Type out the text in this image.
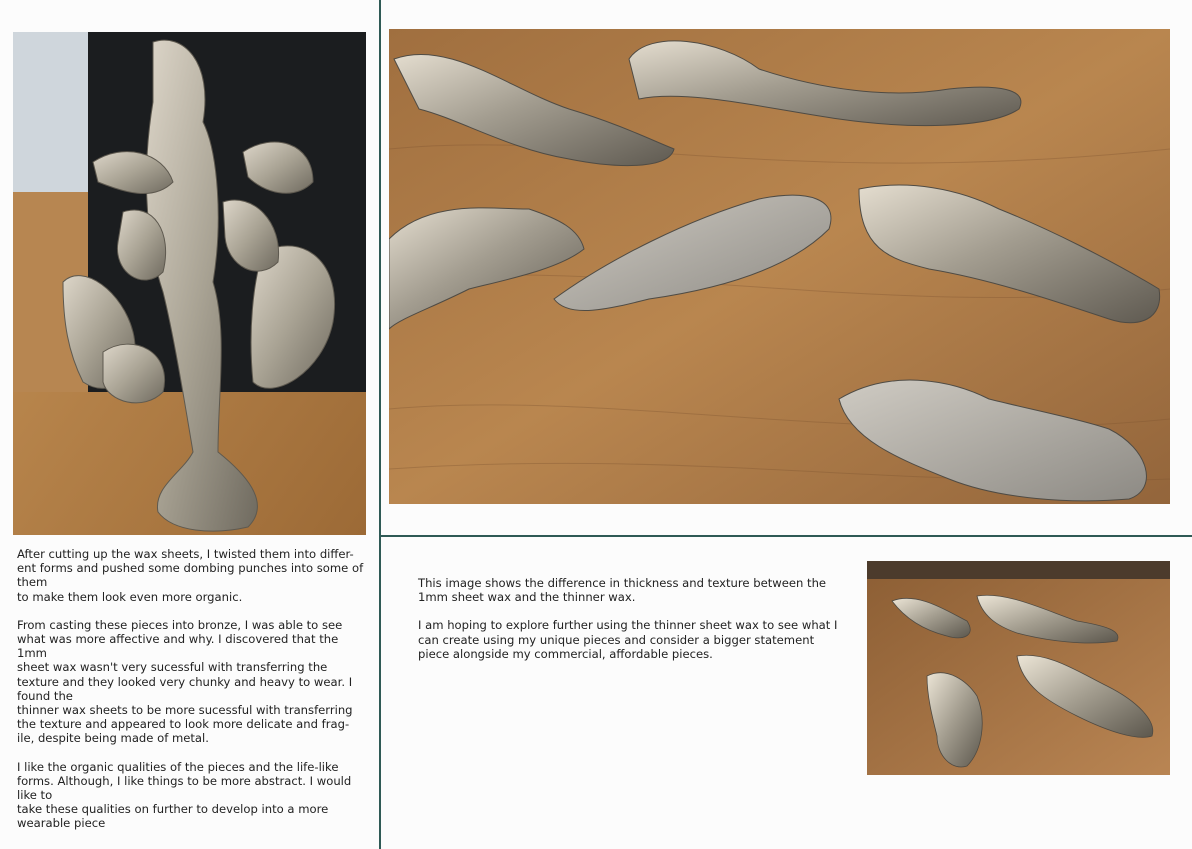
After cutting up the wax sheets, I twisted them into differ-
ent forms and pushed some dombing punches into some of them
to make them look even more organic.

From casting these pieces into bronze, I was able to see what was more affective and why. I discovered that the 1mm
sheet wax wasn't very sucessful with transferring the texture and they looked very chunky and heavy to wear. I found the
thinner wax sheets to be more sucessful with transferring the texture and appeared to look more delicate and frag-
ile, despite being made of metal.

I like the organic qualities of the pieces and the life-like forms. Although, I like things to be more abstract. I would like to
take these qualities on further to develop into a more wearable piece

This image shows the difference in thickness and texture between the 1mm sheet wax and the thinner wax.

I am hoping to explore further using the thinner sheet wax to see what I can create using my unique pieces and consider a bigger statement piece alongside my commercial, affordable pieces.
